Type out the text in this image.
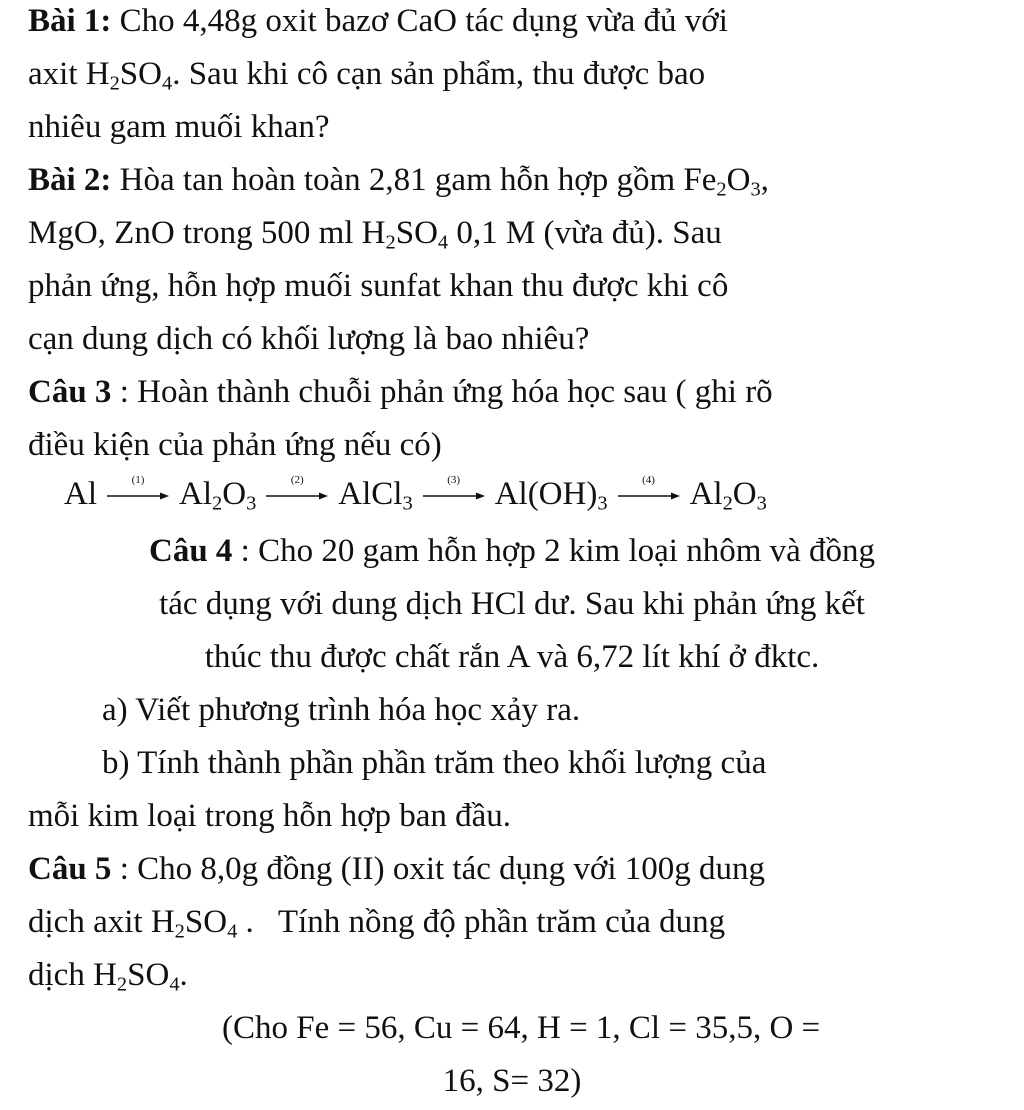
Bài 1: Cho 4,48g oxit bazơ CaO tác dụng vừa đủ với
axit $H_2SO_4$. Sau khi cô cạn sản phẩm, thu được bao
nhiêu gam muối khan?
Bài 2: Hòa tan hoàn toàn 2,81 gam hỗn hợp gồm $Fe_2O_3$,
MgO, ZnO trong 500 ml $H_2SO_4$ 0,1 M (vừa đủ). Sau
phản ứng, hỗn hợp muối sunfat khan thu được khi cô
cạn dung dịch có khối lượng là bao nhiêu?
Câu 3 : Hoàn thành chuỗi phản ứng hóa học sau ( ghi rõ
điều kiện của phản ứng nếu có)
Al	(1)	$Al_2O_3$
(2)	AlCl$_3$
(3)	$Al(OH)_3$
(4)	$Al_2O_3$
Câu 4 : Cho 20 gam hỗn hợp 2 kim loại nhôm và đồng
tác dụng với dung dịch HCl dư. Sau khi phản ứng kết
thúc thu được chất rắn A và 6,72 lít khí ở đktc.
a) Viết phương trình hóa học xảy ra.
b) Tính thành phần phần trăm theo khối lượng của
mỗi kim loại trong hỗn hợp ban đầu.
Câu 5 : Cho 8,0g đồng (II) oxit tác dụng với 100g dung
dịch axit $H_2SO_4$ .   Tính nồng độ phần trăm của dung
dịch $H_2SO_4$.
(Cho Fe = 56, Cu = 64, H = 1, Cl = 35,5, O =
16, S= 32)
